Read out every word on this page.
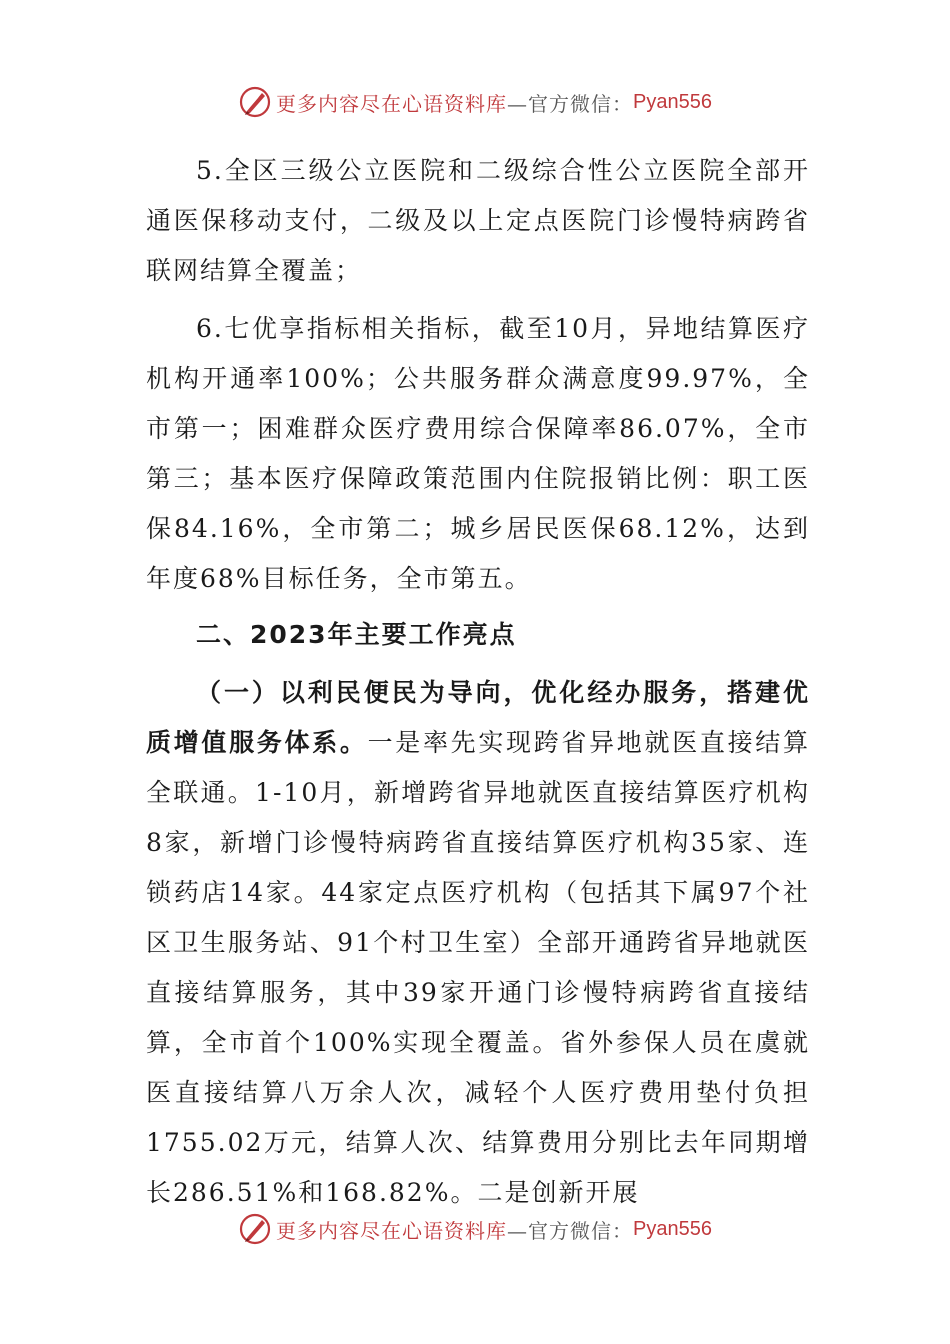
更多内容尽在心语资料库 —官方微信： Pyan556

5.全区三级公立医院和二级综合性公立医院全部开通医保移动支付，二级及以上定点医院门诊慢特病跨省联网结算全覆盖；

6.七优享指标相关指标，截至10月，异地结算医疗机构开通率100%；公共服务群众满意度99.97%，全市第一；困难群众医疗费用综合保障率86.07%，全市第三；基本医疗保障政策范围内住院报销比例：职工医保84.16%，全市第二；城乡居民医保68.12%，达到年度68%目标任务，全市第五。

二、2023年主要工作亮点

（一）以利民便民为导向，优化经办服务，搭建优质增值服务体系。一是率先实现跨省异地就医直接结算全联通。1-10月，新增跨省异地就医直接结算医疗机构8家，新增门诊慢特病跨省直接结算医疗机构35家、连锁药店14家。44家定点医疗机构（包括其下属97个社区卫生服务站、91个村卫生室）全部开通跨省异地就医直接结算服务，其中39家开通门诊慢特病跨省直接结算，全市首个100%实现全覆盖。省外参保人员在虞就医直接结算八万余人次，减轻个人医疗费用垫付负担1755.02万元，结算人次、结算费用分别比去年同期增长286.51%和168.82%。二是创新开展

更多内容尽在心语资料库 —官方微信： Pyan556
